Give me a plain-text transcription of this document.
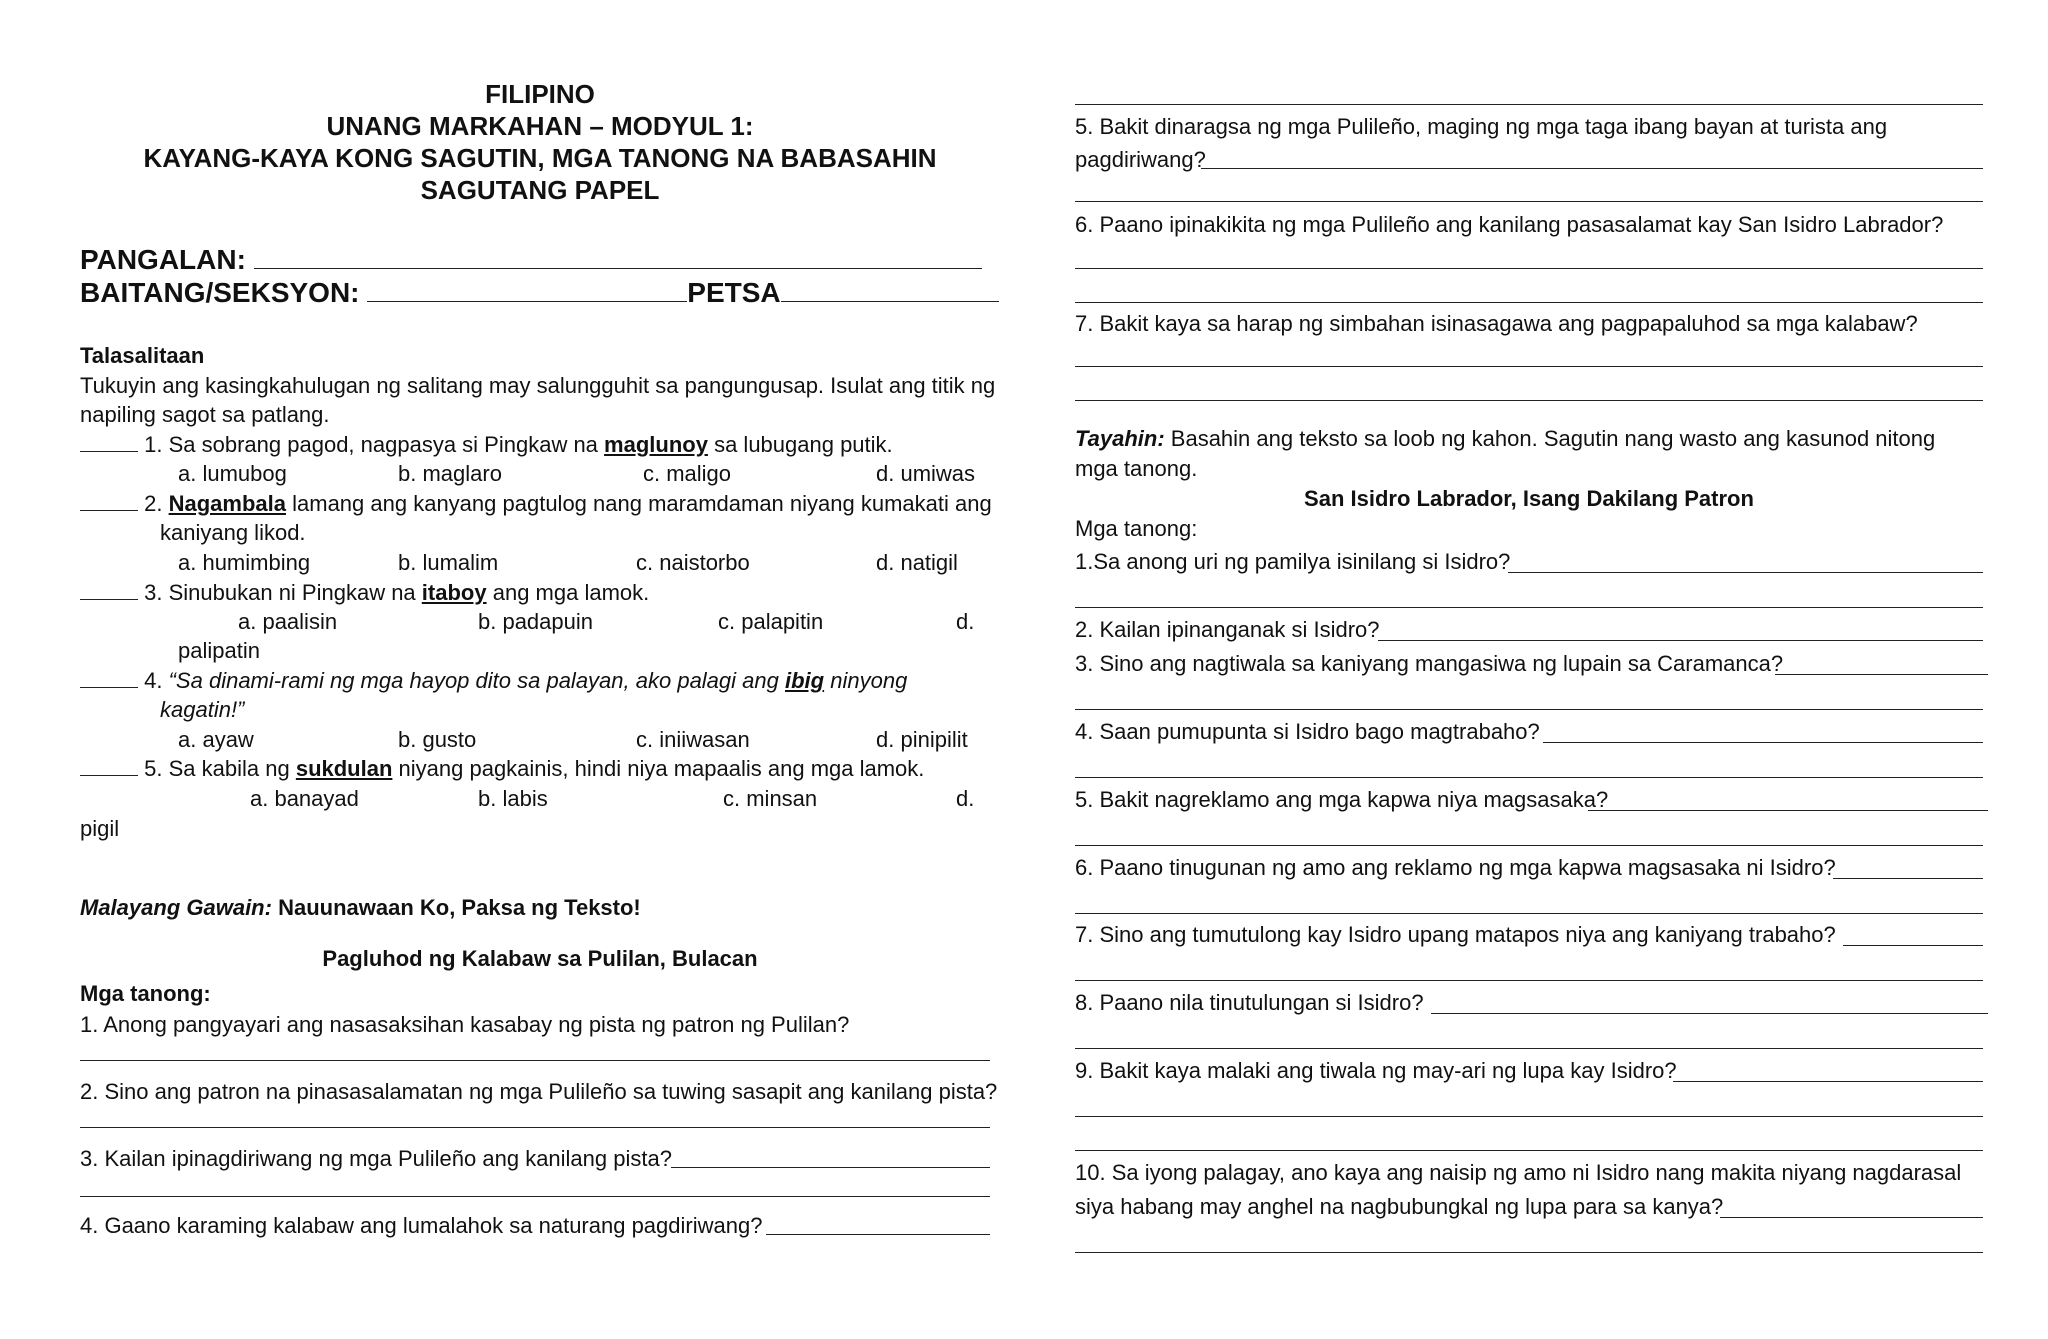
FILIPINO
UNANG MARKAHAN – MODYUL 1:
KAYANG-KAYA KONG SAGUTIN, MGA TANONG NA BABASAHIN
SAGUTANG PAPEL
PANGALAN:
BAITANG/SEKSYON:	PETSA
Talasalitaan
Tukuyin ang kasingkahulugan ng salitang may salungguhit sa pangungusap. Isulat ang titik ng
napiling sagot sa patlang.
1. Sa sobrang pagod, nagpasya si Pingkaw na maglunoy sa lubugang putik.
a. lumubog	b. maglaro	c. maligo	d. umiwas
2. Nagambala lamang ang kanyang pagtulog nang maramdaman niyang kumakati ang
kaniyang likod.
a. humimbing	b. lumalim	c. naistorbo	d. natigil
3. Sinubukan ni Pingkaw na itaboy ang mga lamok.
a. paalisin	b. padapuin	c. palapitin	d.
palipatin
4. “Sa dinami-rami ng mga hayop dito sa palayan, ako palagi ang ibig ninyong
kagatin!”
a. ayaw	b. gusto	c. iniiwasan	d. pinipilit
5. Sa kabila ng sukdulan niyang pagkainis, hindi niya mapaalis ang mga lamok.
a. banayad	b. labis	c. minsan	d.
pigil
Malayang Gawain: Nauunawaan Ko, Paksa ng Teksto!
Pagluhod ng Kalabaw sa Pulilan, Bulacan
Mga tanong:
1. Anong pangyayari ang nasasaksihan kasabay ng pista ng patron ng Pulilan?
2. Sino ang patron na pinasasalamatan ng mga Pulileño sa tuwing sasapit ang kanilang pista?
3. Kailan ipinagdiriwang ng mga Pulileño ang kanilang pista?
4. Gaano karaming kalabaw ang lumalahok sa naturang pagdiriwang?
5. Bakit dinaragsa ng mga Pulileño, maging ng mga taga ibang bayan at turista ang
pagdiriwang?
6. Paano ipinakikita ng mga Pulileño ang kanilang pasasalamat kay San Isidro Labrador?
7. Bakit kaya sa harap ng simbahan isinasagawa ang pagpapaluhod sa mga kalabaw?
Tayahin: Basahin ang teksto sa loob ng kahon. Sagutin nang wasto ang kasunod nitong
mga tanong.
San Isidro Labrador, Isang Dakilang Patron
Mga tanong:
1.Sa anong uri ng pamilya isinilang si Isidro?
2. Kailan ipinanganak si Isidro?
3. Sino ang nagtiwala sa kaniyang mangasiwa ng lupain sa Caramanca?
4. Saan pumupunta si Isidro bago magtrabaho?
5. Bakit nagreklamo ang mga kapwa niya magsasaka?
6. Paano tinugunan ng amo ang reklamo ng mga kapwa magsasaka ni Isidro?
7. Sino ang tumutulong kay Isidro upang matapos niya ang kaniyang trabaho?
8. Paano nila tinutulungan si Isidro?
9. Bakit kaya malaki ang tiwala ng may-ari ng lupa kay Isidro?
10. Sa iyong palagay, ano kaya ang naisip ng amo ni Isidro nang makita niyang nagdarasal
siya habang may anghel na nagbubungkal ng lupa para sa kanya?
